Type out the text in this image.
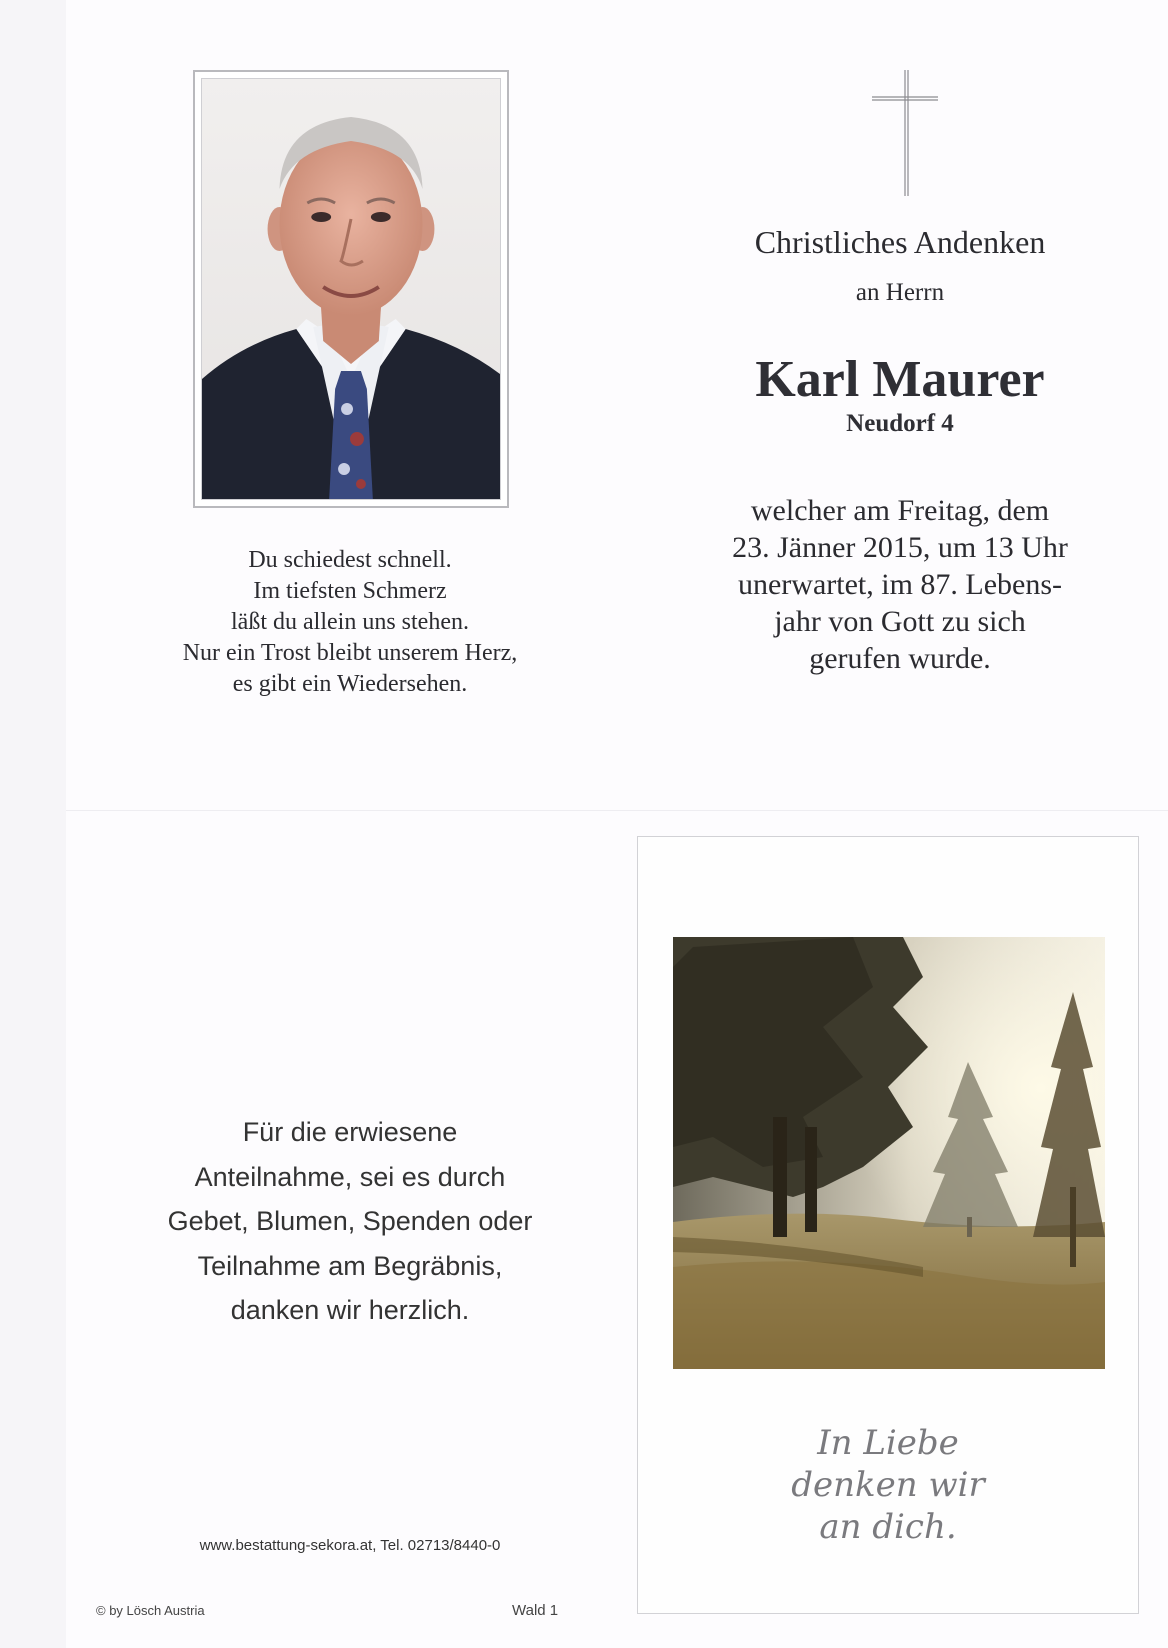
Du schiedest schnell.
Im tiefsten Schmerz
läßt du allein uns stehen.
Nur ein Trost bleibt unserem Herz,
es gibt ein Wiedersehen.
Christliches Andenken
an Herrn
Karl Maurer
Neudorf 4
welcher am Freitag, dem
23. Jänner 2015, um 13 Uhr
unerwartet, im 87. Lebens-
jahr von Gott zu sich
gerufen wurde.
Für die erwiesene
Anteilnahme, sei es durch
Gebet, Blumen, Spenden oder
Teilnahme am Begräbnis,
danken wir herzlich.
www.bestattung-sekora.at, Tel. 02713/8440-0
© by Lösch Austria	Wald 1
In Liebe
denken wir
an dich.
